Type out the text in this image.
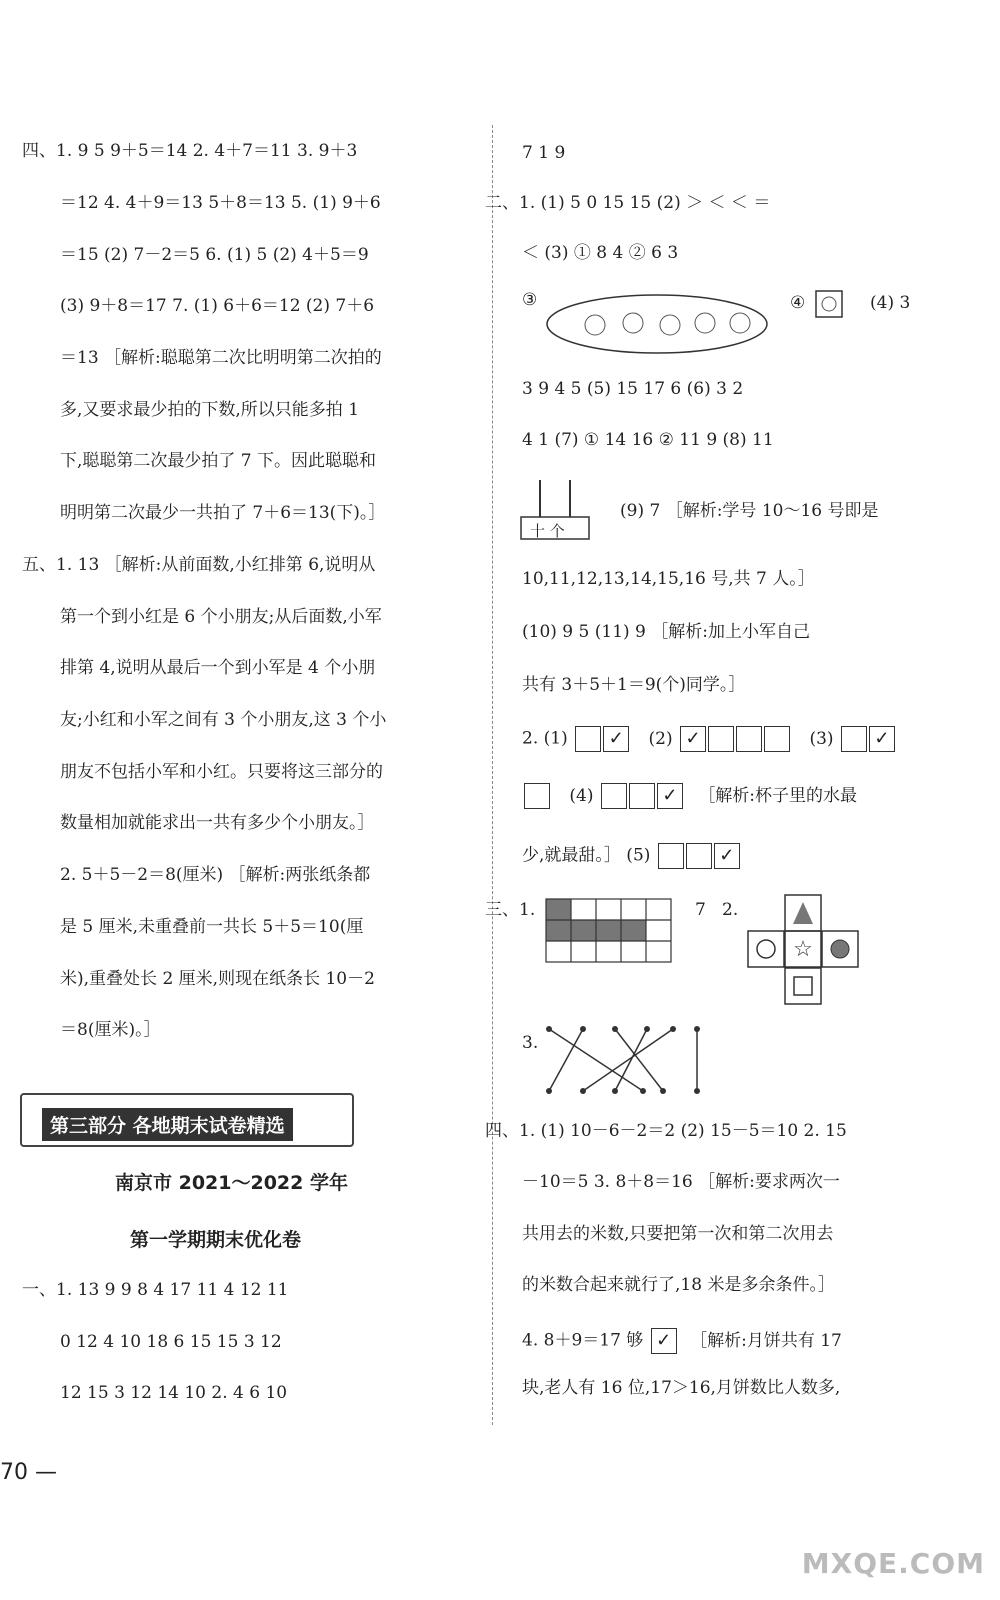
四、1. 9 5 9＋5＝14 2. 4＋7＝11 3. 9＋3
＝12 4. 4＋9＝13 5＋8＝13 5. (1) 9＋6
＝15 (2) 7－2＝5 6. (1) 5 (2) 4＋5＝9
(3) 9＋8＝17 7. (1) 6＋6＝12 (2) 7＋6
＝13 ［解析:聪聪第二次比明明第二次拍的
多,又要求最少拍的下数,所以只能多拍 1
下,聪聪第二次最少拍了 7 下。因此聪聪和
明明第二次最少一共拍了 7＋6＝13(下)。］
五、1. 13 ［解析:从前面数,小红排第 6,说明从
第一个到小红是 6 个小朋友;从后面数,小军
排第 4,说明从最后一个到小军是 4 个小朋
友;小红和小军之间有 3 个小朋友,这 3 个小
朋友不包括小军和小红。只要将这三部分的
数量相加就能求出一共有多少个小朋友。］
2. 5＋5－2＝8(厘米) ［解析:两张纸条都
是 5 厘米,未重叠前一共长 5＋5＝10(厘
米),重叠处长 2 厘米,则现在纸条长 10－2
＝8(厘米)。］
第三部分 各地期末试卷精选
南京市 2021～2022 学年
第一学期期末优化卷
一、1. 13 9 9 8 4 17 11 4 12 11
0 12 4 10 18 6 15 15 3 12
12 15 3 12 14 10 2. 4 6 10
7 1 9
二、1. (1) 5 0 15 15 (2) ＞ ＜ ＜ ＝
＜ (3) ① 8 4 ② 6 3
③	④	(4) 3
3 9 4 5 (5) 15 17 6 (6) 3 2
4 1 (7) ① 14 16 ② 11 9 (8) 11
十 个
(9) 7 ［解析:学号 10～16 号即是
10,11,12,13,14,15,16 号,共 7 人。］
(10) 9 5 (11) 9 ［解析:加上小军自己
共有 3＋5＋1＝9(个)同学。］
2. (1) ✓ (2) ✓	(3) ✓
(4)	✓ ［解析:杯子里的水最
少,就最甜。］ (5)	✓
三、1.	7 2.
☆
3.
四、1. (1) 10－6－2＝2 (2) 15－5＝10 2. 15
－10＝5 3. 8＋8＝16 ［解析:要求两次一
共用去的米数,只要把第一次和第二次用去
的米数合起来就行了,18 米是多余条件。］
4. 8＋9＝17 够 ✓ ［解析:月饼共有 17
块,老人有 16 位,17＞16,月饼数比人数多,
70 —
MXQE.COM
